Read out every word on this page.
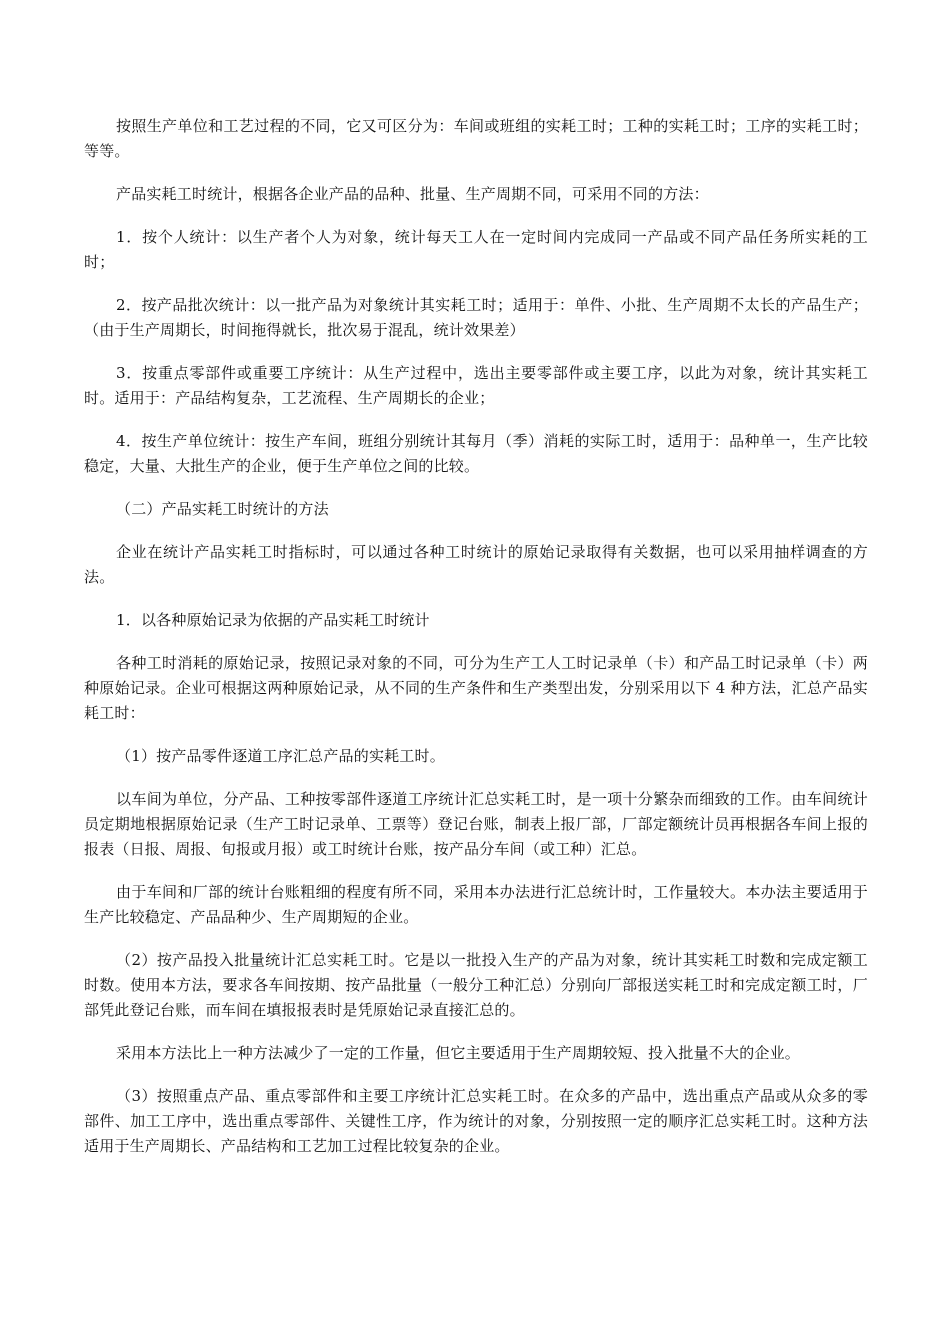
按照生产单位和工艺过程的不同，它又可区分为：车间或班组的实耗工时；工种的实耗工时；工序的实耗工时；等等。

产品实耗工时统计，根据各企业产品的品种、批量、生产周期不同，可采用不同的方法：

1．按个人统计：以生产者个人为对象，统计每天工人在一定时间内完成同一产品或不同产品任务所实耗的工时；

2．按产品批次统计：以一批产品为对象统计其实耗工时；适用于：单件、小批、生产周期不太长的产品生产；（由于生产周期长，时间拖得就长，批次易于混乱，统计效果差）

3．按重点零部件或重要工序统计：从生产过程中，选出主要零部件或主要工序，以此为对象，统计其实耗工时。适用于：产品结构复杂，工艺流程、生产周期长的企业；

4．按生产单位统计：按生产车间，班组分别统计其每月（季）消耗的实际工时，适用于：品种单一，生产比较稳定，大量、大批生产的企业，便于生产单位之间的比较。

（二）产品实耗工时统计的方法

企业在统计产品实耗工时指标时，可以通过各种工时统计的原始记录取得有关数据，也可以采用抽样调查的方法。

1．以各种原始记录为依据的产品实耗工时统计

各种工时消耗的原始记录，按照记录对象的不同，可分为生产工人工时记录单（卡）和产品工时记录单（卡）两种原始记录。企业可根据这两种原始记录，从不同的生产条件和生产类型出发，分别采用以下 4 种方法，汇总产品实耗工时：

（1）按产品零件逐道工序汇总产品的实耗工时。

以车间为单位，分产品、工种按零部件逐道工序统计汇总实耗工时，是一项十分繁杂而细致的工作。由车间统计员定期地根据原始记录（生产工时记录单、工票等）登记台账，制表上报厂部，厂部定额统计员再根据各车间上报的报表（日报、周报、旬报或月报）或工时统计台账，按产品分车间（或工种）汇总。

由于车间和厂部的统计台账粗细的程度有所不同，采用本办法进行汇总统计时，工作量较大。本办法主要适用于生产比较稳定、产品品种少、生产周期短的企业。

（2）按产品投入批量统计汇总实耗工时。它是以一批投入生产的产品为对象，统计其实耗工时数和完成定额工时数。使用本方法，要求各车间按期、按产品批量（一般分工种汇总）分别向厂部报送实耗工时和完成定额工时，厂部凭此登记台账，而车间在填报报表时是凭原始记录直接汇总的。

采用本方法比上一种方法减少了一定的工作量，但它主要适用于生产周期较短、投入批量不大的企业。

（3）按照重点产品、重点零部件和主要工序统计汇总实耗工时。在众多的产品中，选出重点产品或从众多的零部件、加工工序中，选出重点零部件、关键性工序，作为统计的对象，分别按照一定的顺序汇总实耗工时。这种方法适用于生产周期长、产品结构和工艺加工过程比较复杂的企业。
